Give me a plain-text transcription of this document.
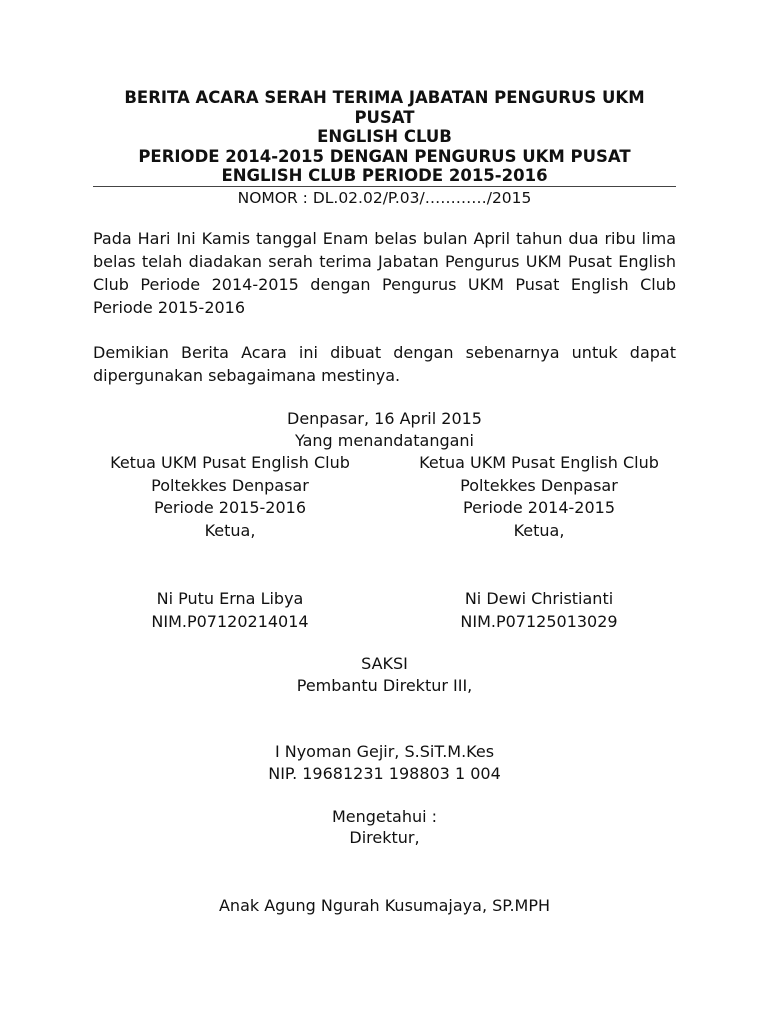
BERITA ACARA SERAH TERIMA JABATAN PENGURUS UKM
PUSAT
ENGLISH CLUB
PERIODE 2014-2015 DENGAN PENGURUS UKM PUSAT
ENGLISH CLUB PERIODE 2015-2016
NOMOR : DL.02.02/P.03/…………/2015
Pada Hari Ini Kamis tanggal Enam belas bulan April tahun dua ribu lima belas telah diadakan serah terima Jabatan Pengurus UKM Pusat English Club Periode 2014-2015 dengan Pengurus UKM Pusat English Club Periode 2015-2016
Demikian Berita Acara ini dibuat dengan sebenarnya untuk dapat dipergunakan sebagaimana mestinya.
Denpasar, 16 April 2015
Yang menandatangani
Ketua UKM Pusat English Club
Poltekkes Denpasar
Periode 2015-2016
Ketua,
Ni Putu Erna Libya
NIM.P07120214014
Ketua UKM Pusat English Club
Poltekkes Denpasar
Periode 2014-2015
Ketua,
Ni Dewi Christianti
NIM.P07125013029
SAKSI
Pembantu Direktur III,
I Nyoman Gejir, S.SiT.M.Kes
NIP. 19681231 198803 1 004
Mengetahui :
Direktur,
Anak Agung Ngurah Kusumajaya, SP.MPH
